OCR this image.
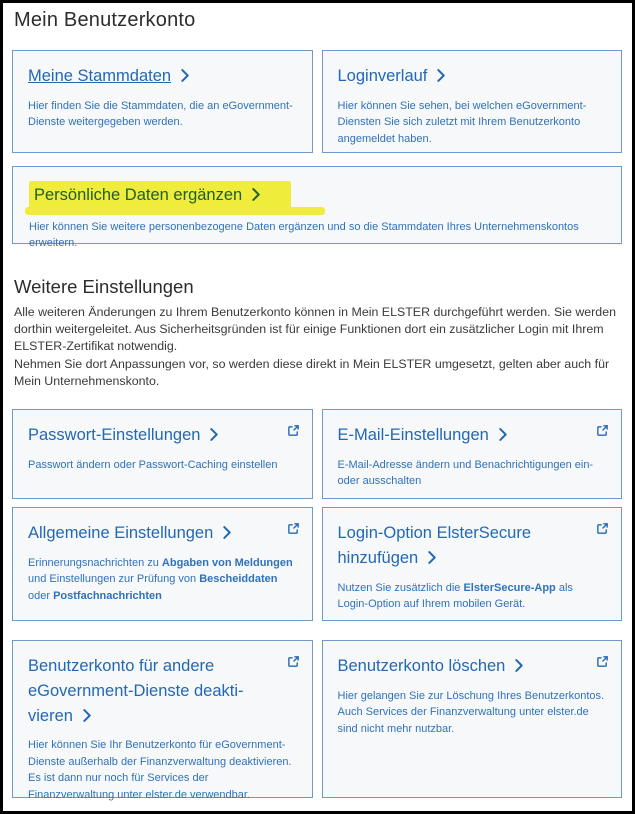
Mein Benutzerkonto
Meine Stammdaten

Hier finden Sie die Stammdaten, die an eGovernment-Dienste weitergegeben werden.

Loginverlauf

Hier können Sie sehen, bei welchen eGovernment-Diensten Sie sich zuletzt mit Ihrem Benutzerkonto angemeldet haben.

Persönliche Daten ergänzen

Hier können Sie weitere personenbezogene Daten ergänzen und so die Stammdaten Ihres Unternehmenskontos erweitern.

Weitere Einstellungen

Alle weiteren Änderungen zu Ihrem Benutzerkonto können in Mein ELSTER durchgeführt werden. Sie werden dorthin weitergeleitet. Aus Sicherheitsgründen ist für einige Funktionen dort ein zusätzlicher Login mit Ihrem ELSTER-Zertifikat notwendig.

Nehmen Sie dort Anpassungen vor, so werden diese direkt in Mein ELSTER umgesetzt, gelten aber auch für Mein Unternehmenskonto.

Passwort-Einstellungen

Passwort ändern oder Passwort-Caching einstellen

E-Mail-Einstellungen

E-Mail-Adresse ändern und Benachrichtigungen ein- oder ausschalten

Allgemeine Einstellungen

Erinnerungsnachrichten zu Abgaben von Meldungen und Einstellungen zur Prüfung von Bescheiddaten oder Postfachnachrichten

Login-Option ElsterSecure hinzufügen

Nutzen Sie zusätzlich die ElsterSecure-App als Login-Option auf Ihrem mobilen Gerät.

Benutzerkonto für andere eGovernment-Dienste deaktivieren

Hier können Sie Ihr Benutzerkonto für eGovernment-Dienste außerhalb der Finanzverwaltung deaktivieren. Es ist dann nur noch für Services der Finanzverwaltung unter elster.de verwendbar.

Benutzerkonto löschen

Hier gelangen Sie zur Löschung Ihres Benutzerkontos. Auch Services der Finanzverwaltung unter elster.de sind nicht mehr nutzbar.
